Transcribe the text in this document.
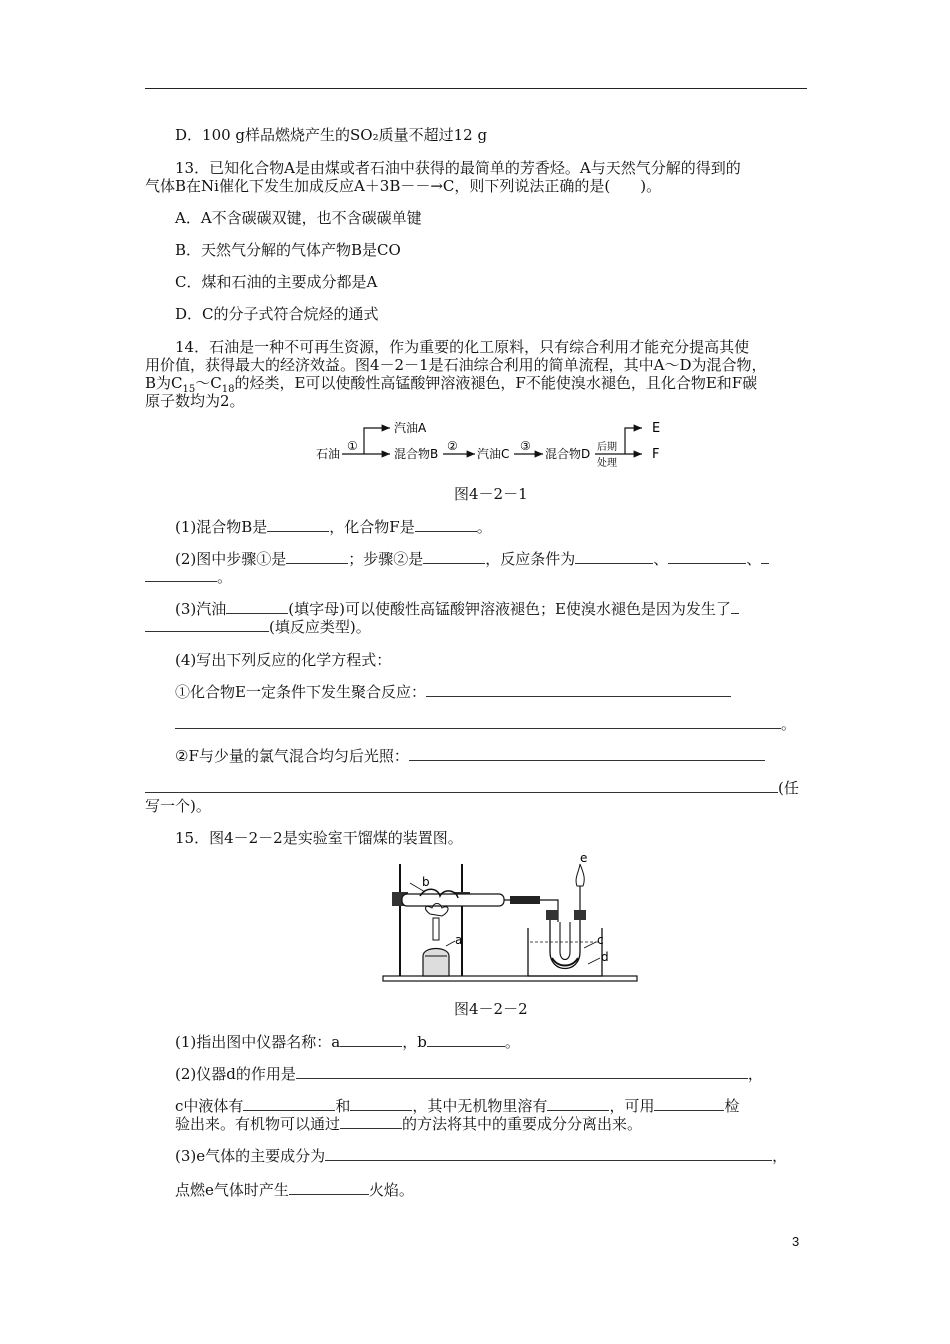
D．100 g样品燃烧产生的SO₂质量不超过12 g
13．已知化合物A是由煤或者石油中获得的最简单的芳香烃。A与天然气分解的得到的
气体B在Ni催化下发生加成反应A＋3B－－→C，则下列说法正确的是(　　)。
A．A不含碳碳双键，也不含碳碳单键
B．天然气分解的气体产物B是CO
C．煤和石油的主要成分都是A
D．C的分子式符合烷烃的通式
14．石油是一种不可再生资源，作为重要的化工原料，只有综合利用才能充分提高其使
用价值，获得最大的经济效益。图4－2－1是石油综合利用的简单流程，其中A～D为混合物，
B为$C_{15}\sim C_{18}$的烃类，E可以使酸性高锰酸钾溶液褪色，F不能使溴水褪色，且化合物E和F碳
原子数均为2。
石油
①
汽油A
混合物B
②
汽油C
③
混合物D 后期
处理
E
F
图4－2－1
(1)混合物B是	，化合物F是	。
(2)图中步骤①是	；步骤②是	，反应条件为	、	、
。
(3)汽油	(填字母)可以使酸性高锰酸钾溶液褪色；E使溴水褪色是因为发生了
(填反应类型)。
(4)写出下列反应的化学方程式：
①化合物E一定条件下发生聚合反应：
。
②F与少量的氯气混合均匀后光照：
(任
写一个)。
15．图4－2－2是实验室干馏煤的装置图。
b
a
e
c
d
图4－2－2
(1)指出图中仪器名称：a	，b	。
(2)仪器d的作用是	，
c中液体有	和	，其中无机物里溶有	，可用	检
验出来。有机物可以通过	的方法将其中的重要成分分离出来。
(3)e气体的主要成分为	，
点燃e气体时产生	火焰。
3
